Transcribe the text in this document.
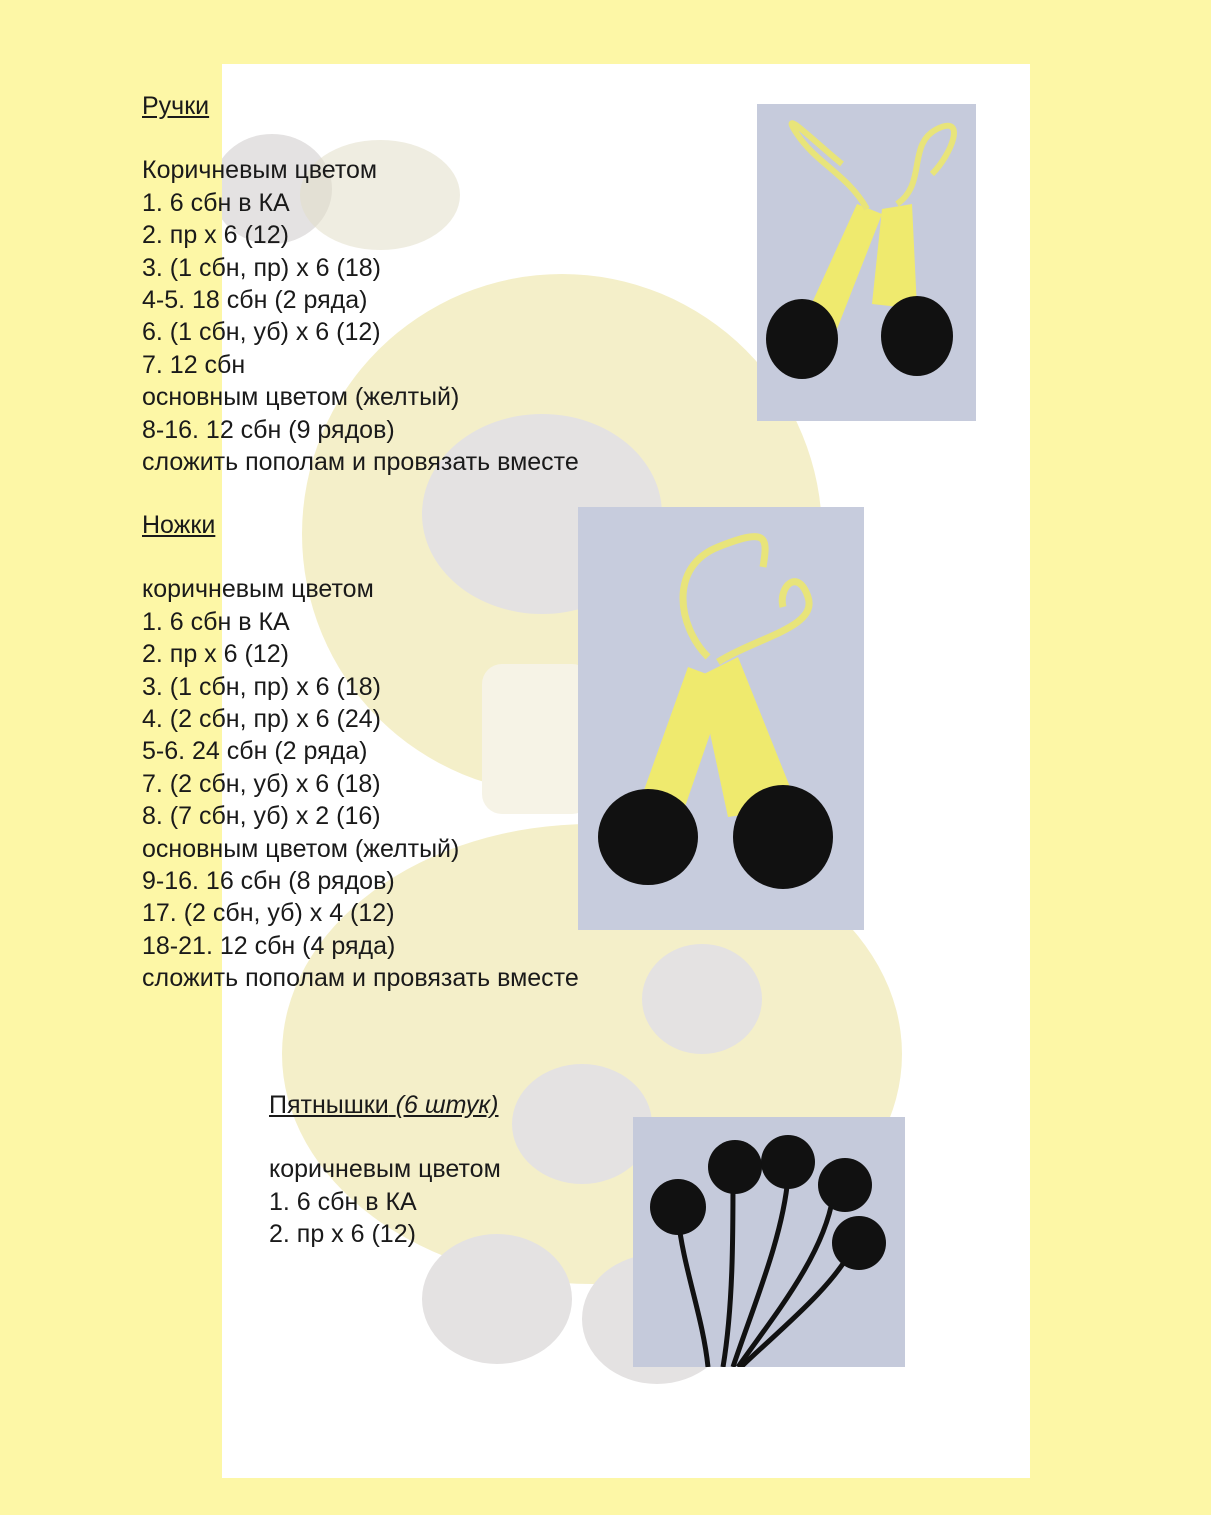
Ручки
Коричневым цветом
1. 6 сбн в КА
2. пр х 6 (12)
3. (1 сбн, пр) х 6 (18)
4-5. 18 сбн (2 ряда)
6. (1 сбн, уб) х 6 (12)
7. 12 сбн
основным цветом (желтый)
8-16. 12 сбн (9 рядов)
сложить пополам и провязать вместе
Ножки
коричневым цветом
1. 6 сбн в КА
2. пр х 6 (12)
3. (1 сбн, пр) х 6 (18)
4. (2 сбн, пр) х 6 (24)
5-6. 24 сбн (2 ряда)
7. (2 сбн, уб) х 6 (18)
8. (7 сбн, уб) х 2 (16)
основным цветом (желтый)
9-16. 16 сбн (8 рядов)
17. (2 сбн, уб) х 4 (12)
18-21. 12 сбн (4 ряда)
сложить пополам и провязать вместе
Пятнышки (6 штук)
коричневым цветом
1. 6 сбн в КА
2. пр х 6 (12)
